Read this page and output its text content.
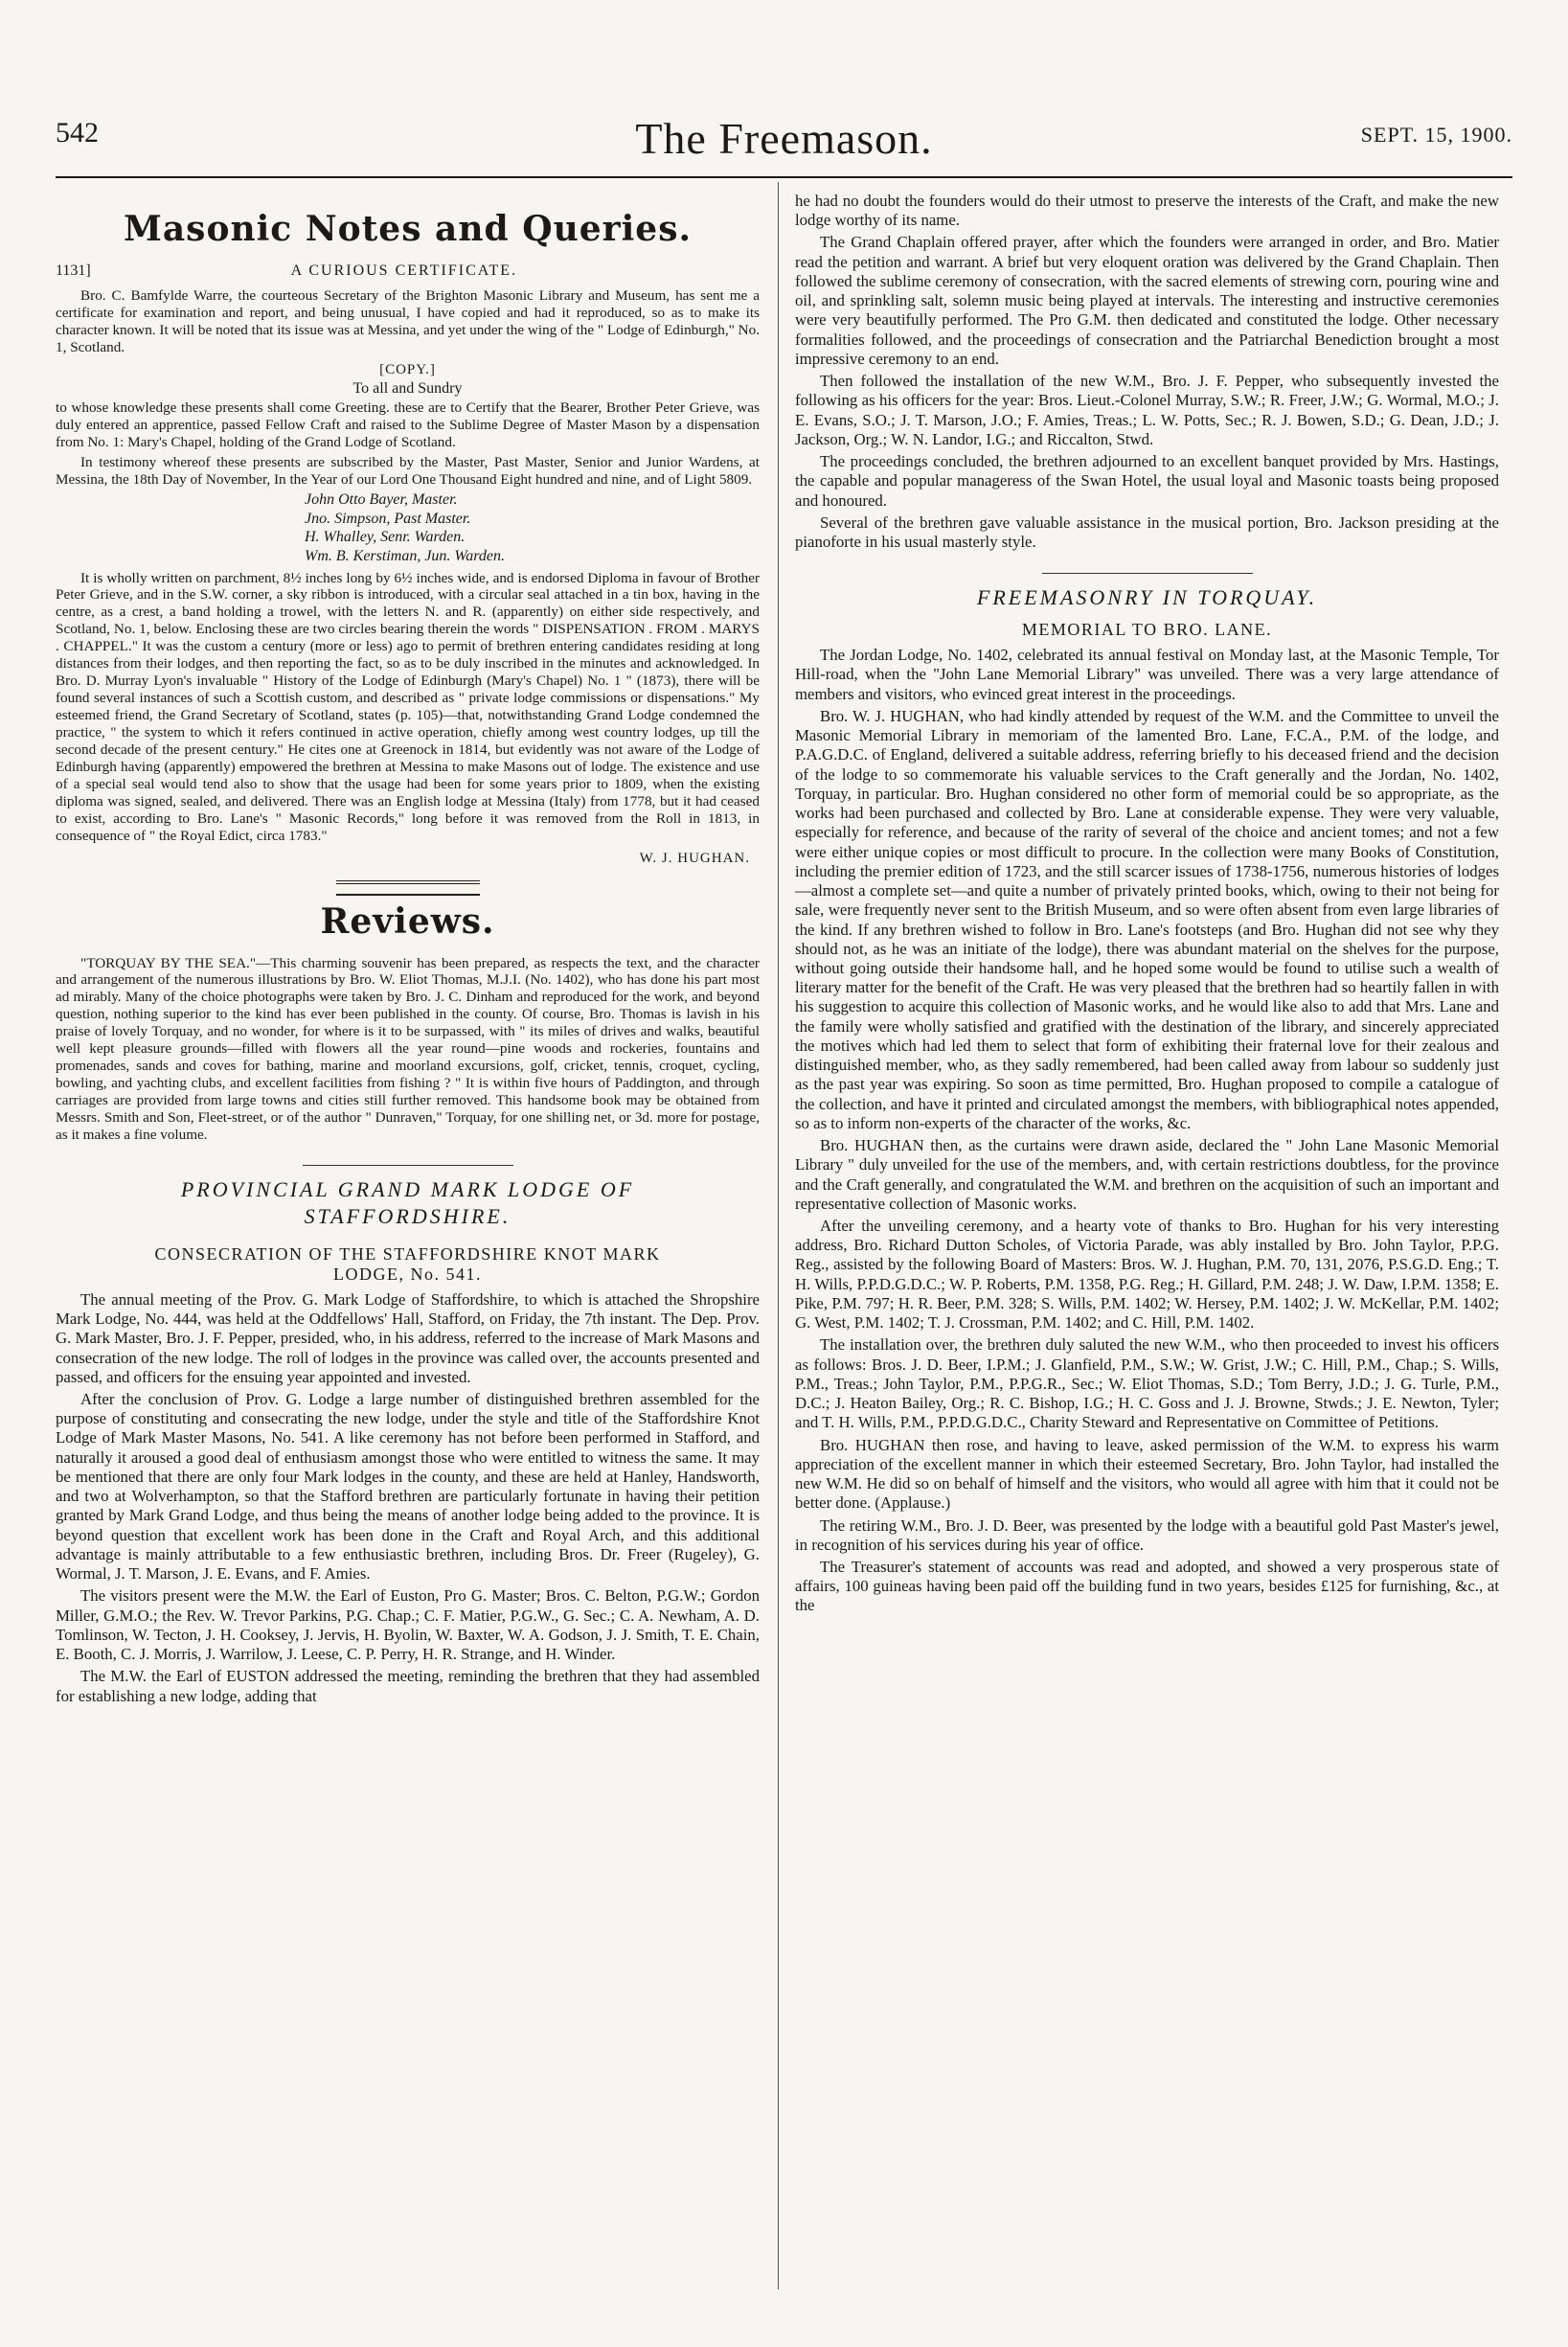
542	The Freemason.	SEPT. 15, 1900.
Masonic Notes and Queries.
1131]	A CURIOUS CERTIFICATE.

Bro. C. Bamfylde Warre, the courteous Secretary of the Brighton Masonic Library and Museum, has sent me a certificate for examination and report, and being unusual, I have copied and had it reproduced, so as to make its character known. It will be noted that its issue was at Messina, and yet under the wing of the " Lodge of Edinburgh," No. 1, Scotland.

[COPY.]
To all and Sundry

to whose knowledge these presents shall come Greeting. these are to Certify that the Bearer, Brother Peter Grieve, was duly entered an apprentice, passed Fellow Craft and raised to the Sublime Degree of Master Mason by a dispensation from No. 1: Mary's Chapel, holding of the Grand Lodge of Scotland.

In testimony whereof these presents are subscribed by the Master, Past Master, Senior and Junior Wardens, at Messina, the 18th Day of November, In the Year of our Lord One Thousand Eight hundred and nine, and of Light 5809.

John Otto Bayer, Master.
Jno. Simpson, Past Master.
H. Whalley, Senr. Warden.
Wm. B. Kerstiman, Jun. Warden.

It is wholly written on parchment, 8½ inches long by 6½ inches wide, and is endorsed Diploma in favour of Brother Peter Grieve, and in the S.W. corner, a sky ribbon is introduced, with a circular seal attached in a tin box, having in the centre, as a crest, a band holding a trowel, with the letters N. and R. (apparently) on either side respectively, and Scotland, No. 1, below. Enclosing these are two circles bearing therein the words " DISPENSATION . FROM . MARYS . CHAPPEL." It was the custom a century (more or less) ago to permit of brethren entering candidates residing at long distances from their lodges, and then reporting the fact, so as to be duly inscribed in the minutes and acknowledged. In Bro. D. Murray Lyon's invaluable " History of the Lodge of Edinburgh (Mary's Chapel) No. 1 " (1873), there will be found several instances of such a Scottish custom, and described as " private lodge commissions or dispensations." My esteemed friend, the Grand Secretary of Scotland, states (p. 105)—that, notwithstanding Grand Lodge condemned the practice, " the system to which it refers continued in active operation, chiefly among west country lodges, up till the second decade of the present century." He cites one at Greenock in 1814, but evidently was not aware of the Lodge of Edinburgh having (apparently) empowered the brethren at Messina to make Masons out of lodge. The existence and use of a special seal would tend also to show that the usage had been for some years prior to 1809, when the existing diploma was signed, sealed, and delivered. There was an English lodge at Messina (Italy) from 1778, but it had ceased to exist, according to Bro. Lane's " Masonic Records," long before it was removed from the Roll in 1813, in consequence of " the Royal Edict, circa 1783."

W. J. HUGHAN.
Reviews.

"TORQUAY BY THE SEA."—This charming souvenir has been prepared, as respects the text, and the character and arrangement of the numerous illustrations by Bro. W. Eliot Thomas, M.J.I. (No. 1402), who has done his part most ad mirably. Many of the choice photographs were taken by Bro. J. C. Dinham and reproduced for the work, and beyond question, nothing superior to the kind has ever been published in the county. Of course, Bro. Thomas is lavish in his praise of lovely Torquay, and no wonder, for where is it to be surpassed, with " its miles of drives and walks, beautiful well kept pleasure grounds—filled with flowers all the year round—pine woods and rockeries, fountains and promenades, sands and coves for bathing, marine and moorland excursions, golf, cricket, tennis, croquet, cycling, bowling, and yachting clubs, and excellent facilities from fishing ? " It is within five hours of Paddington, and through carriages are provided from large towns and cities still further removed. This handsome book may be obtained from Messrs. Smith and Son, Fleet-street, or of the author " Dunraven," Torquay, for one shilling net, or 3d. more for postage, as it makes a fine volume.

PROVINCIAL GRAND MARK LODGE OF
STAFFORDSHIRE.
CONSECRATION OF THE STAFFORDSHIRE KNOT MARK
LODGE, No. 541.

The annual meeting of the Prov. G. Mark Lodge of Staffordshire, to which is attached the Shropshire Mark Lodge, No. 444, was held at the Oddfellows' Hall, Stafford, on Friday, the 7th instant. The Dep. Prov. G. Mark Master, Bro. J. F. Pepper, presided, who, in his address, referred to the increase of Mark Masons and consecration of the new lodge. The roll of lodges in the province was called over, the accounts presented and passed, and officers for the ensuing year appointed and invested.

After the conclusion of Prov. G. Lodge a large number of distinguished brethren assembled for the purpose of constituting and consecrating the new lodge, under the style and title of the Staffordshire Knot Lodge of Mark Master Masons, No. 541. A like ceremony has not before been performed in Stafford, and naturally it aroused a good deal of enthusiasm amongst those who were entitled to witness the same. It may be mentioned that there are only four Mark lodges in the county, and these are held at Hanley, Handsworth, and two at Wolverhampton, so that the Stafford brethren are particularly fortunate in having their petition granted by Mark Grand Lodge, and thus being the means of another lodge being added to the province. It is beyond question that excellent work has been done in the Craft and Royal Arch, and this additional advantage is mainly attributable to a few enthusiastic brethren, including Bros. Dr. Freer (Rugeley), G. Wormal, J. T. Marson, J. E. Evans, and F. Amies.

The visitors present were the M.W. the Earl of Euston, Pro G. Master; Bros. C. Belton, P.G.W.; Gordon Miller, G.M.O.; the Rev. W. Trevor Parkins, P.G. Chap.; C. F. Matier, P.G.W., G. Sec.; C. A. Newham, A. D. Tomlinson, W. Tecton, J. H. Cooksey, J. Jervis, H. Byolin, W. Baxter, W. A. Godson, J. J. Smith, T. E. Chain, E. Booth, C. J. Morris, J. Warrilow, J. Leese, C. P. Perry, H. R. Strange, and H. Winder.

The M.W. the Earl of EUSTON addressed the meeting, reminding the brethren that they had assembled for establishing a new lodge, adding that

he had no doubt the founders would do their utmost to preserve the interests of the Craft, and make the new lodge worthy of its name.

The Grand Chaplain offered prayer, after which the founders were arranged in order, and Bro. Matier read the petition and warrant. A brief but very eloquent oration was delivered by the Grand Chaplain. Then followed the sublime ceremony of consecration, with the sacred elements of strewing corn, pouring wine and oil, and sprinkling salt, solemn music being played at intervals. The interesting and instructive ceremonies were very beautifully performed. The Pro G.M. then dedicated and constituted the lodge. Other necessary formalities followed, and the proceedings of consecration and the Patriarchal Benediction brought a most impressive ceremony to an end.

Then followed the installation of the new W.M., Bro. J. F. Pepper, who subsequently invested the following as his officers for the year: Bros. Lieut.-Colonel Murray, S.W.; R. Freer, J.W.; G. Wormal, M.O.; J. E. Evans, S.O.; J. T. Marson, J.O.; F. Amies, Treas.; L. W. Potts, Sec.; R. J. Bowen, S.D.; G. Dean, J.D.; J. Jackson, Org.; W. N. Landor, I.G.; and Riccalton, Stwd.

The proceedings concluded, the brethren adjourned to an excellent banquet provided by Mrs. Hastings, the capable and popular manageress of the Swan Hotel, the usual loyal and Masonic toasts being proposed and honoured.

Several of the brethren gave valuable assistance in the musical portion, Bro. Jackson presiding at the pianoforte in his usual masterly style.

FREEMASONRY IN TORQUAY.
MEMORIAL TO BRO. LANE.

The Jordan Lodge, No. 1402, celebrated its annual festival on Monday last, at the Masonic Temple, Tor Hill-road, when the "John Lane Memorial Library" was unveiled. There was a very large attendance of members and visitors, who evinced great interest in the proceedings.

Bro. W. J. HUGHAN, who had kindly attended by request of the W.M. and the Committee to unveil the Masonic Memorial Library in memoriam of the lamented Bro. Lane, F.C.A., P.M. of the lodge, and P.A.G.D.C. of England, delivered a suitable address, referring briefly to his deceased friend and the decision of the lodge to so commemorate his valuable services to the Craft generally and the Jordan, No. 1402, Torquay, in particular. Bro. Hughan considered no other form of memorial could be so appropriate, as the works had been purchased and collected by Bro. Lane at considerable expense. They were very valuable, especially for reference, and because of the rarity of several of the choice and ancient tomes; and not a few were either unique copies or most difficult to procure. In the collection were many Books of Constitution, including the premier edition of 1723, and the still scarcer issues of 1738-1756, numerous histories of lodges—almost a complete set—and quite a number of privately printed books, which, owing to their not being for sale, were frequently never sent to the British Museum, and so were often absent from even large libraries of the kind. If any brethren wished to follow in Bro. Lane's footsteps (and Bro. Hughan did not see why they should not, as he was an initiate of the lodge), there was abundant material on the shelves for the purpose, without going outside their handsome hall, and he hoped some would be found to utilise such a wealth of literary matter for the benefit of the Craft. He was very pleased that the brethren had so heartily fallen in with his suggestion to acquire this collection of Masonic works, and he would like also to add that Mrs. Lane and the family were wholly satisfied and gratified with the destination of the library, and sincerely appreciated the motives which had led them to select that form of exhibiting their fraternal love for their zealous and distinguished member, who, as they sadly remembered, had been called away from labour so suddenly just as the past year was expiring. So soon as time permitted, Bro. Hughan proposed to compile a catalogue of the collection, and have it printed and circulated amongst the members, with bibliographical notes appended, so as to inform non-experts of the character of the works, &c.

Bro. HUGHAN then, as the curtains were drawn aside, declared the " John Lane Masonic Memorial Library " duly unveiled for the use of the members, and, with certain restrictions doubtless, for the province and the Craft generally, and congratulated the W.M. and brethren on the acquisition of such an important and representative collection of Masonic works.

After the unveiling ceremony, and a hearty vote of thanks to Bro. Hughan for his very interesting address, Bro. Richard Dutton Scholes, of Victoria Parade, was ably installed by Bro. John Taylor, P.P.G. Reg., assisted by the following Board of Masters: Bros. W. J. Hughan, P.M. 70, 131, 2076, P.S.G.D. Eng.; T. H. Wills, P.P.D.G.D.C.; W. P. Roberts, P.M. 1358, P.G. Reg.; H. Gillard, P.M. 248; J. W. Daw, I.P.M. 1358; E. Pike, P.M. 797; H. R. Beer, P.M. 328; S. Wills, P.M. 1402; W. Hersey, P.M. 1402; J. W. McKellar, P.M. 1402; G. West, P.M. 1402; T. J. Crossman, P.M. 1402; and C. Hill, P.M. 1402.

The installation over, the brethren duly saluted the new W.M., who then proceeded to invest his officers as follows: Bros. J. D. Beer, I.P.M.; J. Glanfield, P.M., S.W.; W. Grist, J.W.; C. Hill, P.M., Chap.; S. Wills, P.M., Treas.; John Taylor, P.M., P.P.G.R., Sec.; W. Eliot Thomas, S.D.; Tom Berry, J.D.; J. G. Turle, P.M., D.C.; J. Heaton Bailey, Org.; R. C. Bishop, I.G.; H. C. Goss and J. J. Browne, Stwds.; J. E. Newton, Tyler; and T. H. Wills, P.M., P.P.D.G.D.C., Charity Steward and Representative on Committee of Petitions.

Bro. HUGHAN then rose, and having to leave, asked permission of the W.M. to express his warm appreciation of the excellent manner in which their esteemed Secretary, Bro. John Taylor, had installed the new W.M. He did so on behalf of himself and the visitors, who would all agree with him that it could not be better done. (Applause.)

The retiring W.M., Bro. J. D. Beer, was presented by the lodge with a beautiful gold Past Master's jewel, in recognition of his services during his year of office.

The Treasurer's statement of accounts was read and adopted, and showed a very prosperous state of affairs, 100 guineas having been paid off the building fund in two years, besides £125 for furnishing, &c., at the
